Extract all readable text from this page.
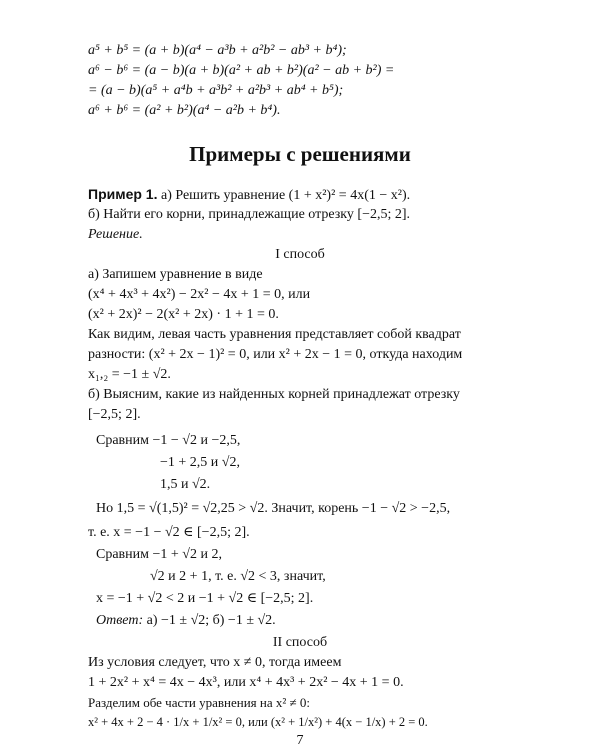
a⁵ + b⁵ = (a + b)(a⁴ − a³b + a²b² − ab³ + b⁴);
a⁶ − b⁶ = (a − b)(a + b)(a² + ab + b²)(a² − ab + b²) =
= (a − b)(a⁵ + a⁴b + a³b² + a²b³ + ab⁴ + b⁵);
a⁶ + b⁶ = (a² + b²)(a⁴ − a²b + b⁴).
Примеры с решениями
Пример 1. а) Решить уравнение (1 + x²)² = 4x(1 − x²).
б) Найти его корни, принадлежащие отрезку [−2,5; 2].
Решение.
I способ
а) Запишем уравнение в виде
(x⁴ + 4x³ + 4x²) − 2x² − 4x + 1 = 0, или
(x² + 2x)² − 2(x² + 2x) · 1 + 1 = 0.
Как видим, левая часть уравнения представляет собой квадрат
разности: (x² + 2x − 1)² = 0, или x² + 2x − 1 = 0, откуда находим
x₁,₂ = −1 ± √2.
б) Выясним, какие из найденных корней принадлежат отрезку
[−2,5; 2].
Сравним −1 − √2 и −2,5,
−1 + 2,5 и √2,
1,5 и √2.
Но 1,5 = √(1,5)² = √2,25 > √2. Значит, корень −1 − √2 > −2,5,
т. е. x = −1 − √2 ∈ [−2,5; 2].
Сравним −1 + √2 и 2,
√2 и 2 + 1, т. е. √2 < 3, значит,
x = −1 + √2 < 2 и −1 + √2 ∈ [−2,5; 2].
Ответ: а) −1 ± √2; б) −1 ± √2.
II способ
Из условия следует, что x ≠ 0, тогда имеем
1 + 2x² + x⁴ = 4x − 4x³, или x⁴ + 4x³ + 2x² − 4x + 1 = 0.
Разделим обе части уравнения на x² ≠ 0:
x² + 4x + 2 − 4 · 1/x + 1/x² = 0, или (x² + 1/x²) + 4(x − 1/x) + 2 = 0.
7
